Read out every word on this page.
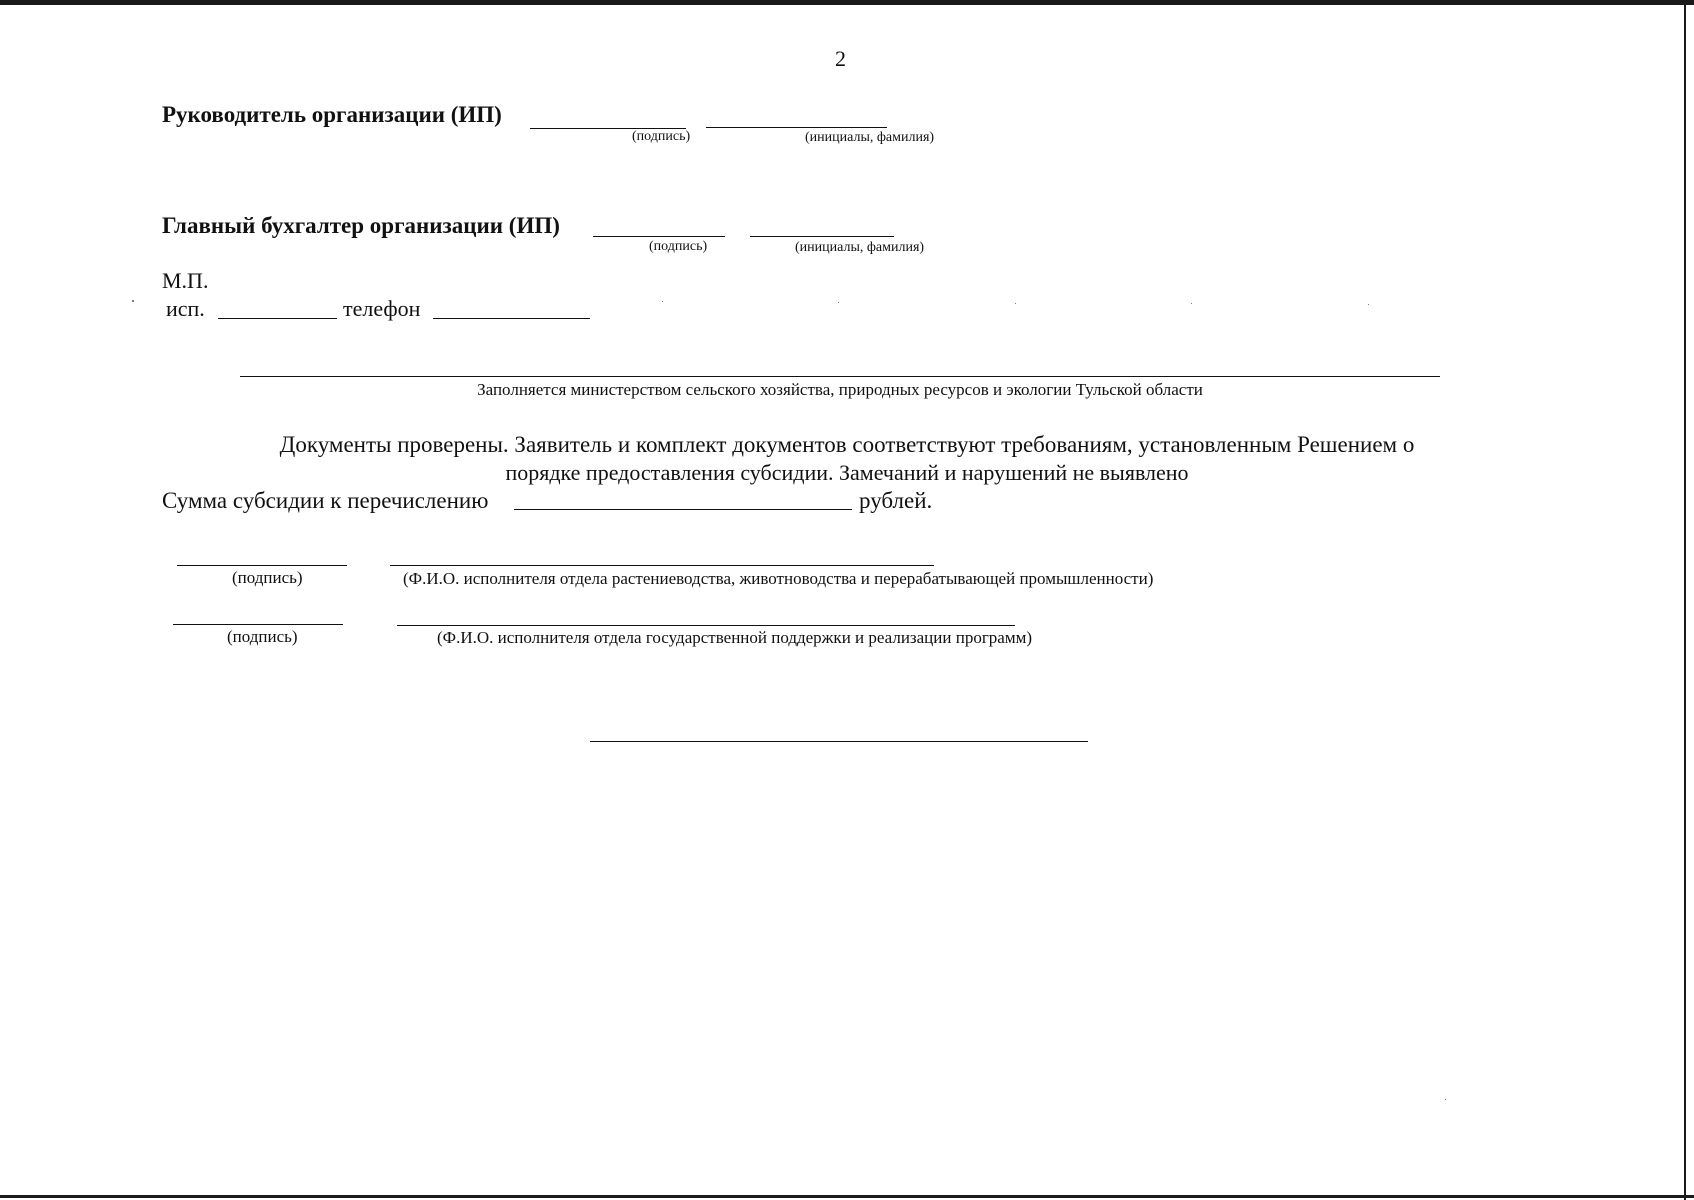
2
Руководитель организации (ИП)
(подпись)	(инициалы, фамилия)
Главный бухгалтер организации (ИП)
(подпись)	(инициалы, фамилия)
М.П.
исп.	телефон
Заполняется министерством сельского хозяйства, природных ресурсов и экологии Тульской области
Документы проверены. Заявитель и комплект документов соответствуют требованиям, установленным Решением о
порядке предоставления субсидии. Замечаний и нарушений не выявлено
Сумма субсидии к перечислению	рублей.
(подпись)	(Ф.И.О. исполнителя отдела растениеводства, животноводства и перерабатывающей промышленности)
(подпись)	(Ф.И.О. исполнителя отдела государственной поддержки и реализации программ)
